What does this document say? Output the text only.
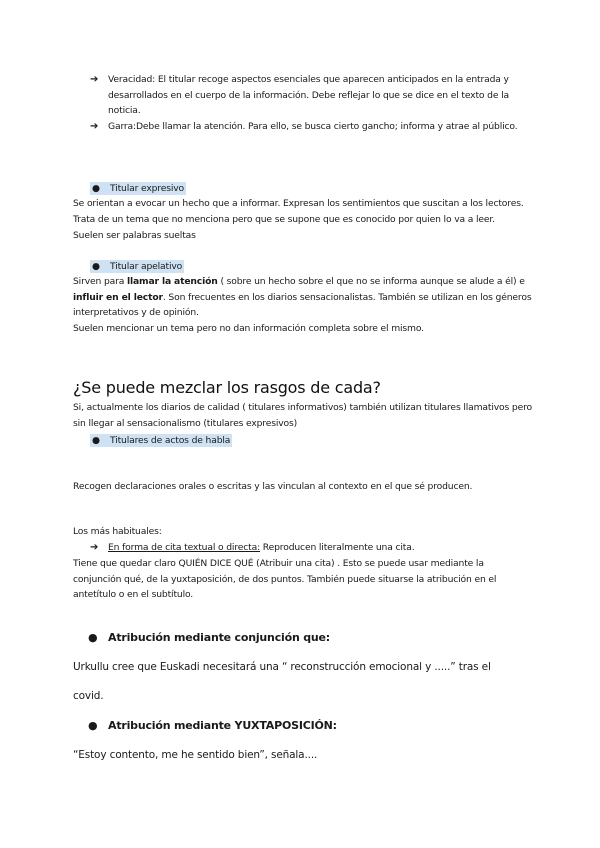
➔	Veracidad: El titular recoge aspectos esenciales que aparecen anticipados en la entrada y desarrollados en el cuerpo de la información. Debe reflejar lo que se dice en el texto de la noticia.
➔	Garra:Debe llamar la atención. Para ello, se busca cierto gancho; informa y atrae al público.
● Titular expresivo

Se orientan a evocar un hecho que a informar. Expresan los sentimientos que suscitan a los lectores.

Trata de un tema que no menciona pero que se supone que es conocido por quien lo va a leer.

Suelen ser palabras sueltas

● Titular apelativo

Sirven para llamar la atención ( sobre un hecho sobre el que no se informa aunque se alude a él) e influir en el lector. Son frecuentes en los diarios sensacionalistas. También se utilizan en los géneros interpretativos y de opinión.

Suelen mencionar un tema pero no dan información completa sobre el mismo.

¿Se puede mezclar los rasgos de cada?

Si, actualmente los diarios de calidad ( titulares informativos) también utilizan titulares llamativos pero sin llegar al sensacionalismo (titulares expresivos)

● Titulares de actos de habla

Recogen declaraciones orales o escritas y las vinculan al contexto en el que sé producen.

Los más habituales:

➔	En forma de cita textual o directa: Reproducen literalmente una cita.

Tiene que quedar claro QUIÉN DICE QUÉ (Atribuir una cita) . Esto se puede usar mediante la conjunción qué, de la yuxtaposición, de dos puntos. También puede situarse la atribución en el antetítulo o en el subtítulo.

● Atribución mediante conjunción que:
Urkullu cree que Euskadi necesitará una “ reconstrucción emocional y .....” tras el
covid.
● Atribución mediante YUXTAPOSICIÓN:
“Estoy contento, me he sentido bien”, señala....
